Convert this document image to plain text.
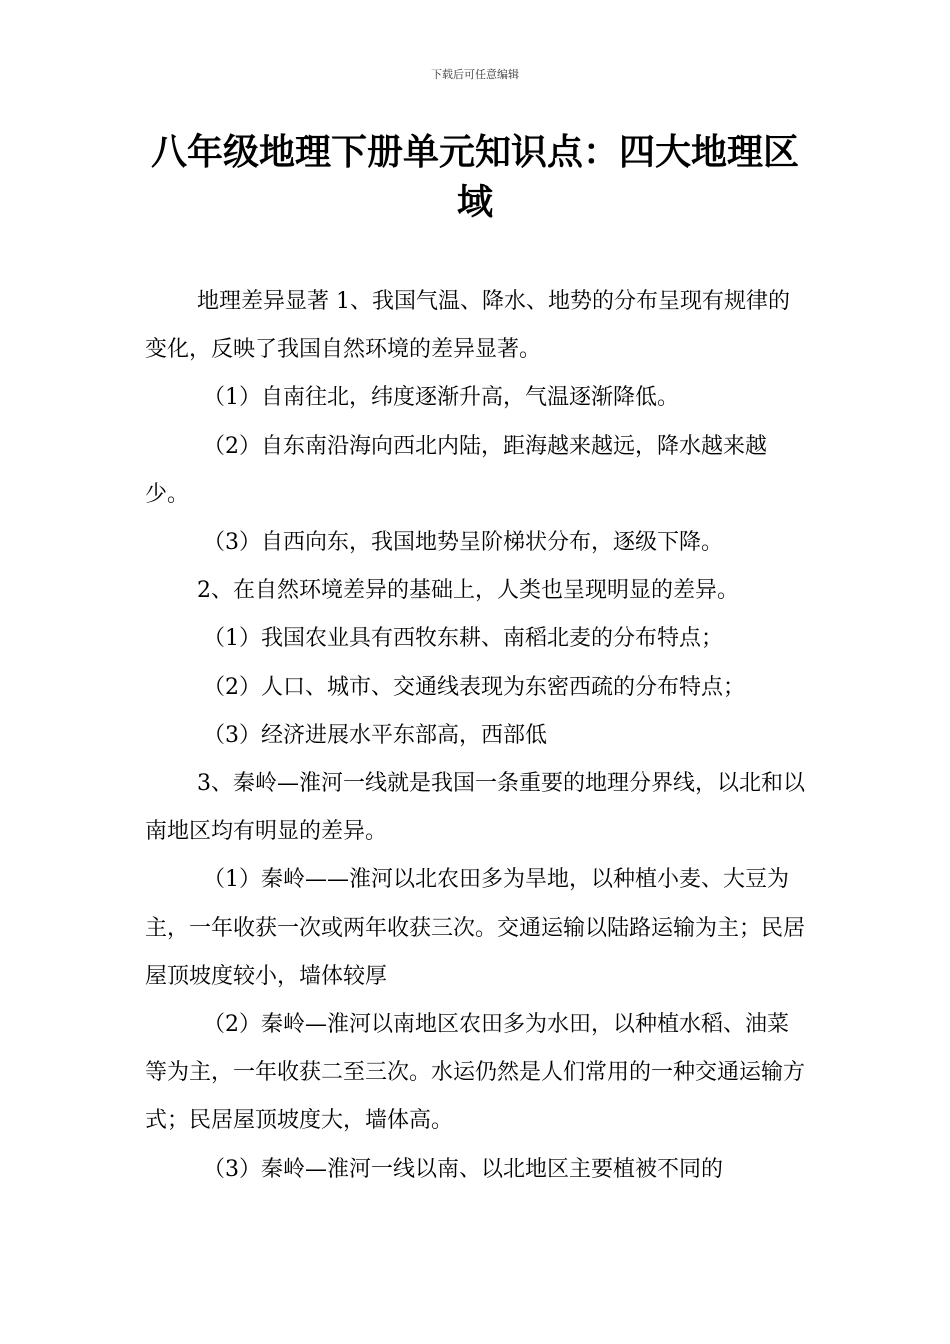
下载后可任意编辑
八年级地理下册单元知识点：四大地理区域

地理差异显著 1、我国气温、降水、地势的分布呈现有规律的变化，反映了我国自然环境的差异显著。

（1）自南往北，纬度逐渐升高，气温逐渐降低。

（2）自东南沿海向西北内陆，距海越来越远，降水越来越少。

（3）自西向东，我国地势呈阶梯状分布，逐级下降。

2、在自然环境差异的基础上，人类也呈现明显的差异。

（1）我国农业具有西牧东耕、南稻北麦的分布特点；

（2）人口、城市、交通线表现为东密西疏的分布特点；

（3）经济进展水平东部高，西部低

3、秦岭—淮河一线就是我国一条重要的地理分界线，以北和以南地区均有明显的差异。

（1）秦岭——淮河以北农田多为旱地，以种植小麦、大豆为主，一年收获一次或两年收获三次。交通运输以陆路运输为主；民居屋顶坡度较小，墙体较厚

（2）秦岭—淮河以南地区农田多为水田，以种植水稻、油菜等为主，一年收获二至三次。水运仍然是人们常用的一种交通运输方式；民居屋顶坡度大，墙体高。

（3）秦岭—淮河一线以南、以北地区主要植被不同的
